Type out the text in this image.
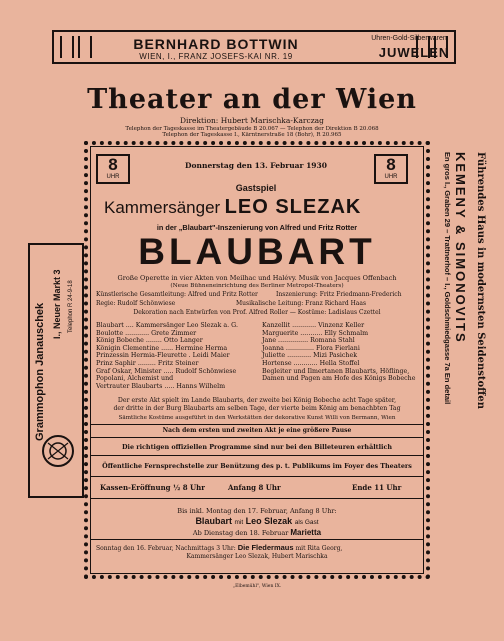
BERNHARD BOTTWIN
WIEN, I., FRANZ JOSEFS-KAI NR. 19
Uhren-Gold-Silberwaren
JUWELEN
Theater an der Wien
Direktion: Hubert Marischka-Karczag
Telephon der Tageskasse im Theatergebäude B 20.067 — Telephon der Direktion B 20.068
Telephon der Tageskasse I., Kärntnerstraße 18 (Bohr), R 20.965
8
UHR
8
UHR
Donnerstag den 13. Februar 1930
Gastspiel
Kammersänger LEO SLEZAK
in der „Blaubart"-Inszenierung von Alfred und Fritz Rotter
BLAUBART
Große Operette in vier Akten von Meilhac und Halévy. Musik von Jacques Offenbach
(Neue Bühneneinrichtung des Berliner Metropol-Theaters)
Künstlerische Gesamtleitung: Alfred und Fritz Rotter	Inszenierung: Fritz Friedmann-Frederich
Regie: Rudolf Schönwiese	Musikalische Leitung: Franz Richard Haas
Dekoration nach Entwürfen von Prof. Alfred Roller — Kostüme: Ladislaus Czettel
Blaubart .... Kammersänger Leo Slezak a. G.
Boulotte ............ Grete Zimmer
König Bobeche ........ Otto Langer
Königin Clementine ...... Hermine Herma
Prinzessin Hermia-Fleurette . Leidi Maier
Prinz Saphir ......... Fritz Steiner
Graf Oskar, Minister ..... Rudolf Schönwiese
Popolani, Alchemist und
Vertrauter Blaubarts ..... Hanns Wilhelm
Kanzellit ............ Vinzenz Keller
Marguerite ........... Elly Schmalm
Jane ............... Romana Stahl
Joanna .............. Flora Fierlani
Juliette ............ Mizi Pasichek
Hortense ............ Hella Stoffel
Begleiter und Ilmertanen Blaubarts, Höflinge,
Damen und Pagen am Hofe des Königs Bobeche
Der erste Akt spielt im Lande Blaubarts, der zweite bei König Bobeche acht Tage später,
der dritte in der Burg Blaubarts am selben Tage, der vierte beim König am benachbten Tag
Sämtliche Kostüme ausgeführt in den Werkstätten der dekorative Kunst Willi von Bermann, Wien
Nach dem ersten und zweiten Akt je eine größere Pause
Die richtigen offiziellen Programme sind nur bei den Billeteuren erhältlich
Öffentliche Fernsprechstelle zur Benützung des p. t. Publikums im Foyer des Theaters
Kassen-Eröffnung ½ 8 Uhr	Anfang 8 Uhr	Ende 11 Uhr
Bis inkl. Montag den 17. Februar, Anfang 8 Uhr:
Blaubart mit Leo Slezak als Gast
Ab Dienstag den 18. Februar Marietta
Sonntag den 16. Februar, Nachmittags 3 Uhr: Die Fledermaus mit Rita Georg,
Kammersänger Leo Slezak, Hubert Marischka
„Elbemühl", Wien IX.
Grammophon Janauschek I., Neuer Markt 3 Telephon R 24-9-18	Führendes Haus in modernsten Seidenstoffen
KEMENY & SIMONOVITS
En gros I., Graben 29 – Trattnerhof – I., Goldschmiedgasse 7a En detail
